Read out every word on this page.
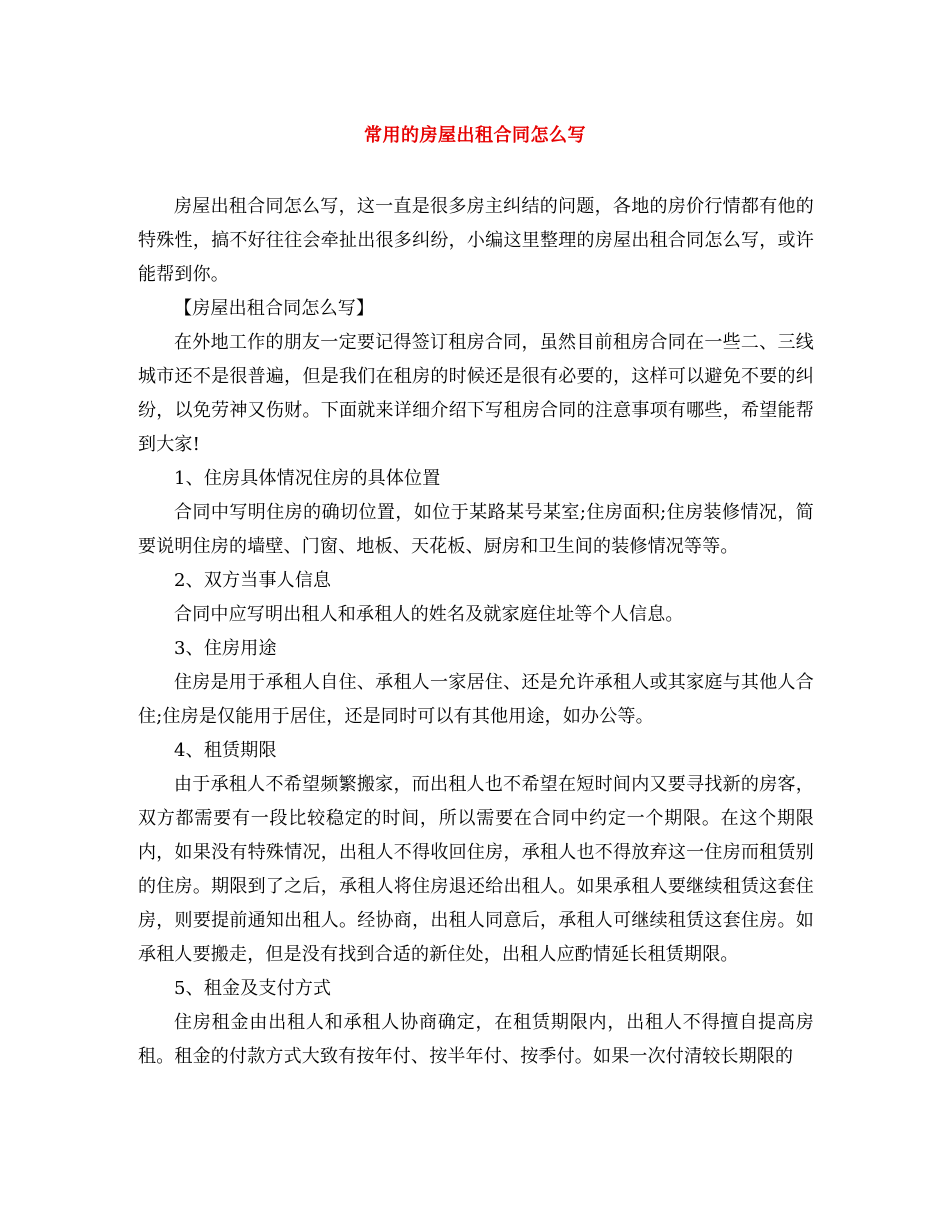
常用的房屋出租合同怎么写

房屋出租合同怎么写，这一直是很多房主纠结的问题，各地的房价行情都有他的特殊性，搞不好往往会牵扯出很多纠纷，小编这里整理的房屋出租合同怎么写，或许能帮到你。

【房屋出租合同怎么写】

在外地工作的朋友一定要记得签订租房合同，虽然目前租房合同在一些二、三线城市还不是很普遍，但是我们在租房的时候还是很有必要的，这样可以避免不要的纠纷，以免劳神又伤财。下面就来详细介绍下写租房合同的注意事项有哪些，希望能帮到大家!

1、住房具体情况住房的具体位置

合同中写明住房的确切位置，如位于某路某号某室;住房面积;住房装修情况，简要说明住房的墙壁、门窗、地板、天花板、厨房和卫生间的装修情况等等。

2、双方当事人信息

合同中应写明出租人和承租人的姓名及就家庭住址等个人信息。

3、住房用途

住房是用于承租人自住、承租人一家居住、还是允许承租人或其家庭与其他人合住;住房是仅能用于居住，还是同时可以有其他用途，如办公等。

4、租赁期限

由于承租人不希望频繁搬家，而出租人也不希望在短时间内又要寻找新的房客，双方都需要有一段比较稳定的时间，所以需要在合同中约定一个期限。在这个期限内，如果没有特殊情况，出租人不得收回住房，承租人也不得放弃这一住房而租赁别的住房。期限到了之后，承租人将住房退还给出租人。如果承租人要继续租赁这套住房，则要提前通知出租人。经协商，出租人同意后，承租人可继续租赁这套住房。如承租人要搬走，但是没有找到合适的新住处，出租人应酌情延长租赁期限。

5、租金及支付方式

住房租金由出租人和承租人协商确定，在租赁期限内，出租人不得擅自提高房租。租金的付款方式大致有按年付、按半年付、按季付。如果一次付清较长期限的
